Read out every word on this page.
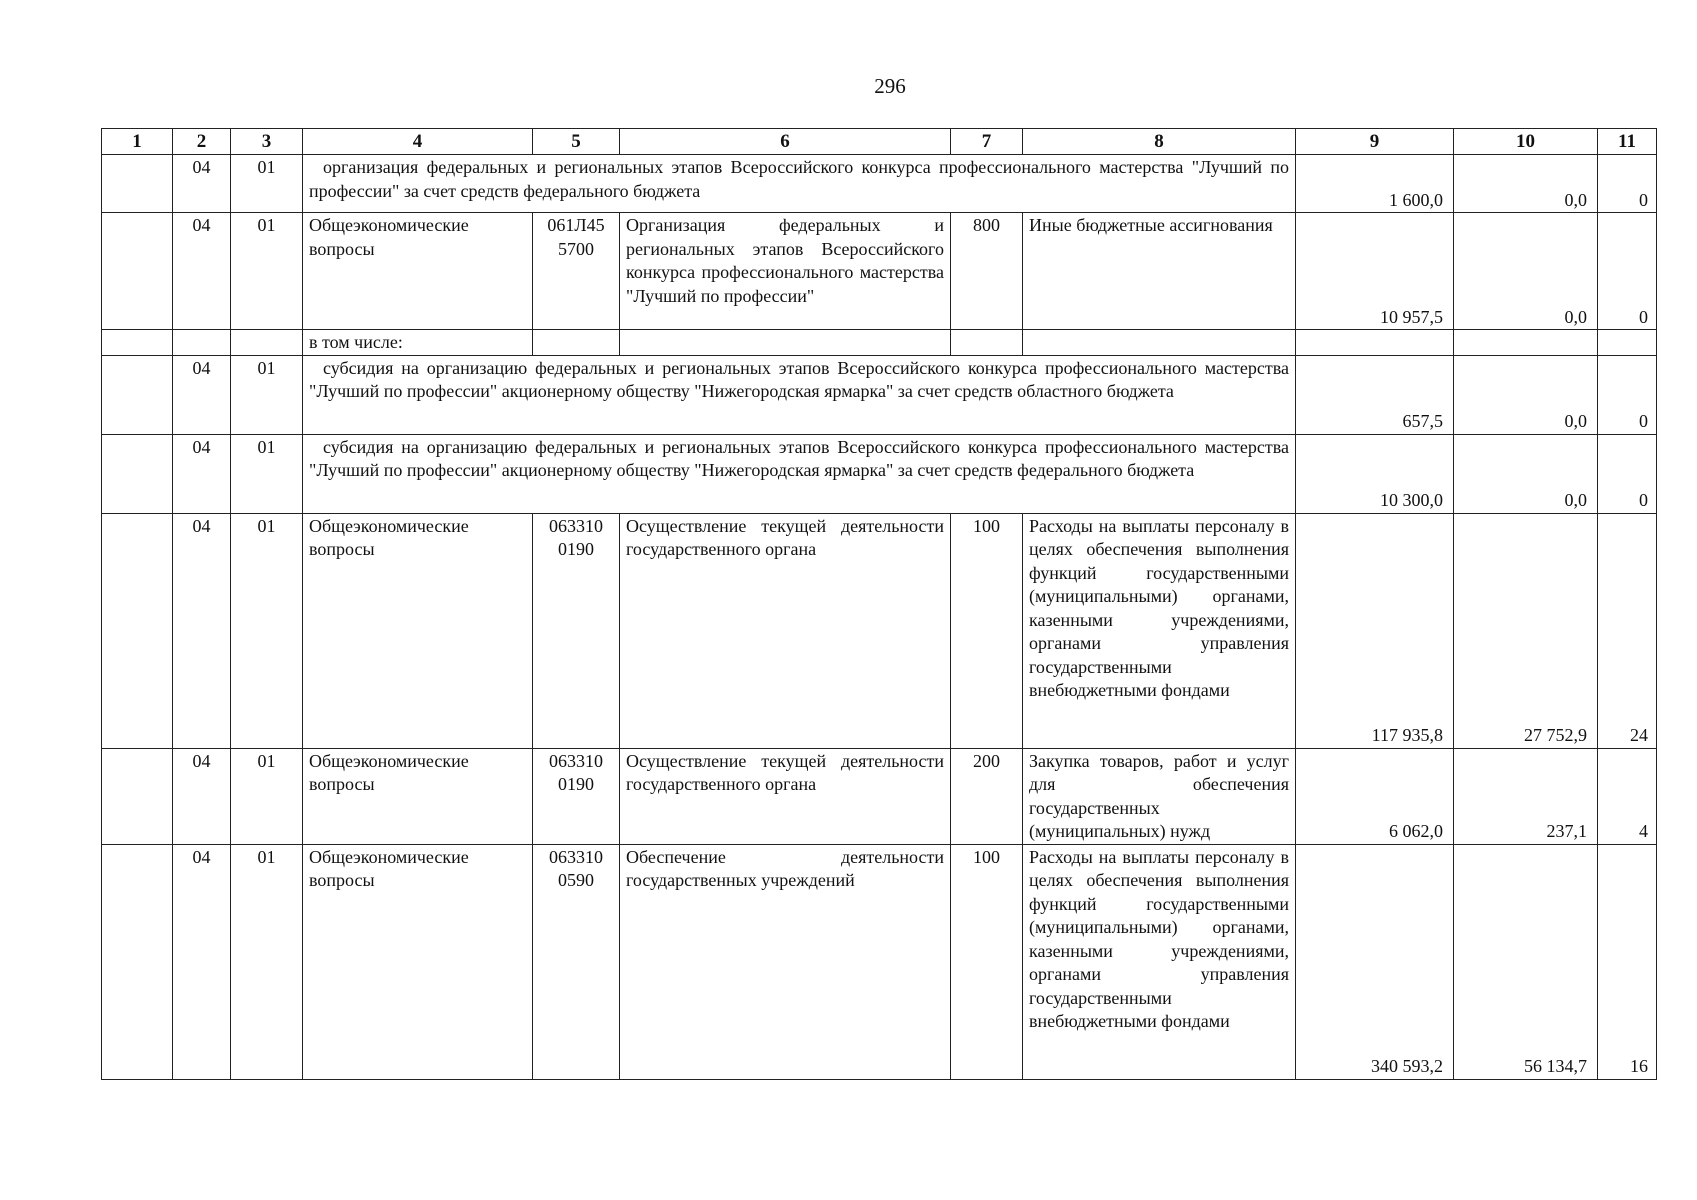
296
1	2	3	4	5	6	7	8	9	10	11
	04	01	организация федеральных и региональных этапов Всероссийского конкурса профессионального мастерства "Лучший по профессии" за счет средств федерального бюджета					1 600,0	0,0	0
	04	01	Общеэкономические вопросы	061Л45 5700	Организация федеральных и региональных этапов Всероссийского конкурса профессионального мастерства "Лучший по профессии"	800	Иные бюджетные ассигнования	10 957,5	0,0	0
			в том числе:							
	04	01	субсидия на организацию федеральных и региональных этапов Всероссийского конкурса профессионального мастерства "Лучший по профессии" акционерному обществу "Нижегородская ярмарка" за счет средств областного бюджета					657,5	0,0	0
	04	01	субсидия на организацию федеральных и региональных этапов Всероссийского конкурса профессионального мастерства "Лучший по профессии" акционерному обществу "Нижегородская ярмарка" за счет средств федерального бюджета					10 300,0	0,0	0
	04	01	Общеэкономические вопросы	063310 0190	Осуществление текущей деятельности государственного органа	100	Расходы на выплаты персоналу в целях обеспечения выполнения функций государственными (муниципальными) органами, казенными учреждениями, органами управления государственными внебюджетными фондами	117 935,8	27 752,9	24
	04	01	Общеэкономические вопросы	063310 0190	Осуществление текущей деятельности государственного органа	200	Закупка товаров, работ и услуг для обеспечения государственных (муниципальных) нужд	6 062,0	237,1	4
	04	01	Общеэкономические вопросы	063310 0590	Обеспечение деятельности государственных учреждений	100	Расходы на выплаты персоналу в целях обеспечения выполнения функций государственными (муниципальными) органами, казенными учреждениями, органами управления государственными внебюджетными фондами	340 593,2	56 134,7	16
